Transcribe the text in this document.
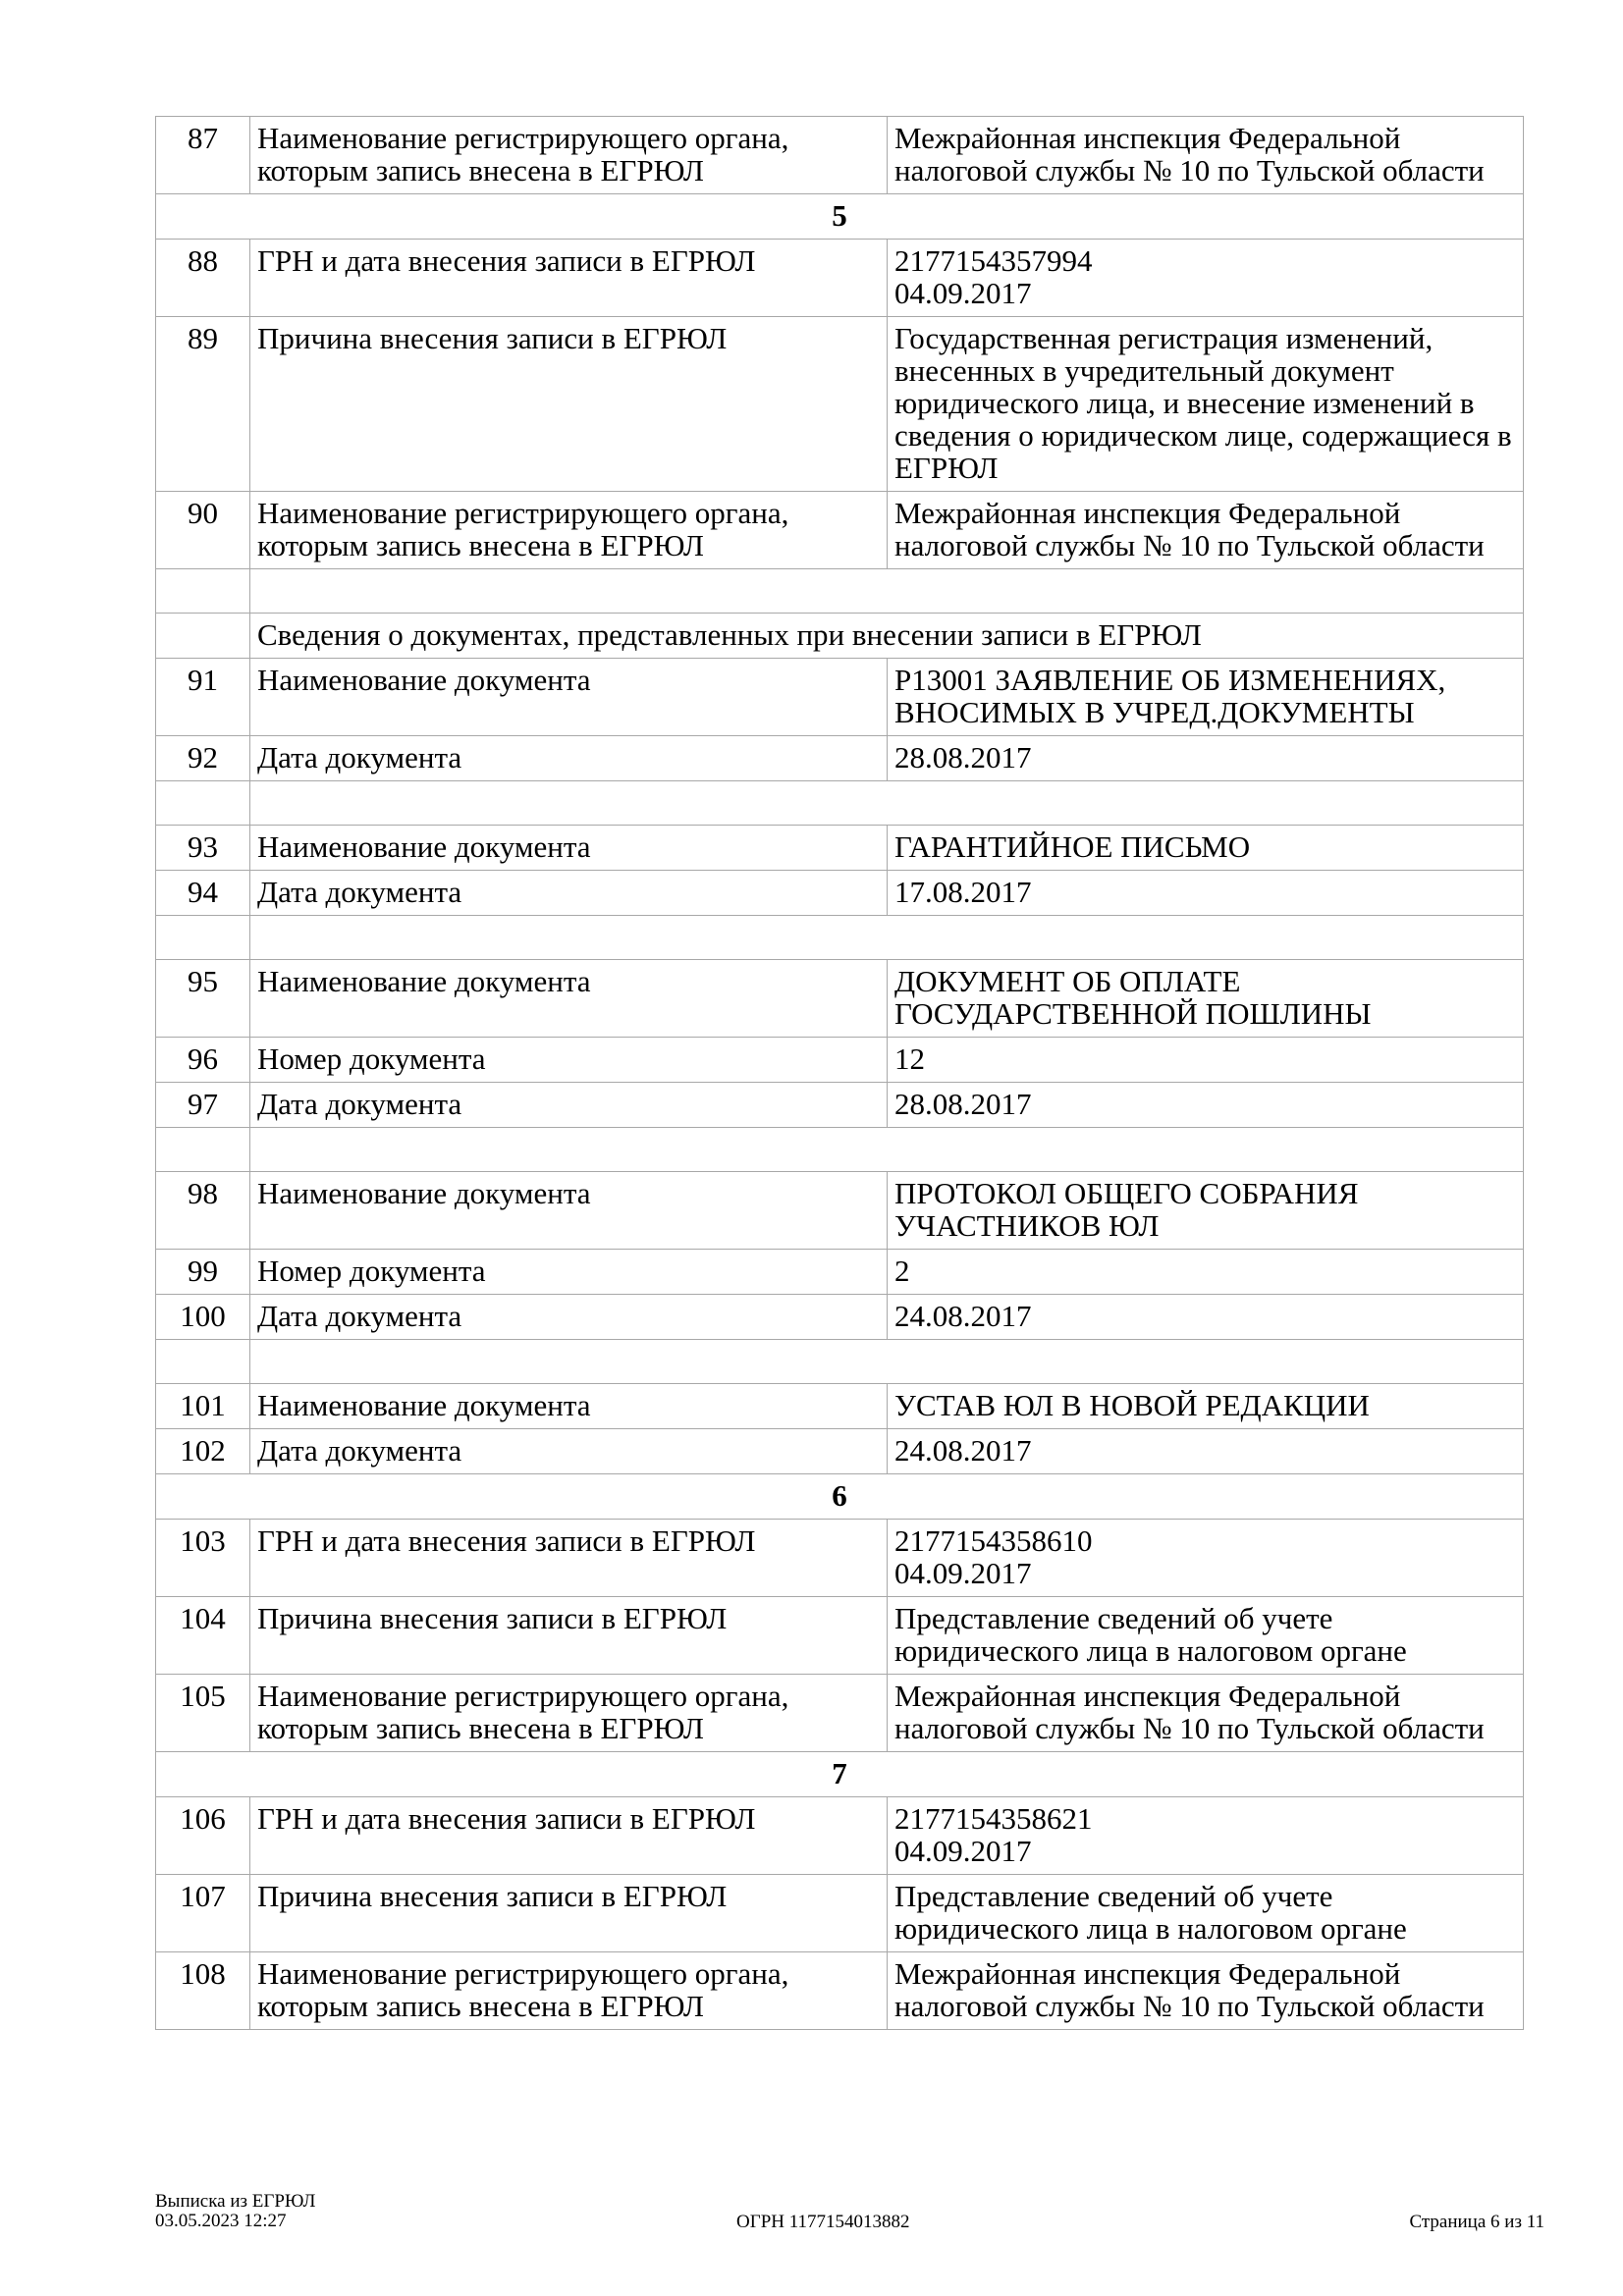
87	Наименование регистрирующего органа, которым запись внесена в ЕГРЮЛ	Межрайонная инспекция Федеральной налоговой службы № 10 по Тульской области
5		
88	ГРН и дата внесения записи в ЕГРЮЛ	2177154357994
04.09.2017
89	Причина внесения записи в ЕГРЮЛ	Государственная регистрация изменений, внесенных в учредительный документ юридического лица, и внесение изменений в сведения о юридическом лице, содержащиеся в ЕГРЮЛ
90	Наименование регистрирующего органа, которым запись внесена в ЕГРЮЛ	Межрайонная инспекция Федеральной налоговой службы № 10 по Тульской области

	Сведения о документах, представленных при внесении записи в ЕГРЮЛ	
91	Наименование документа	Р13001 ЗАЯВЛЕНИЕ ОБ ИЗМЕНЕНИЯХ, ВНОСИМЫХ В УЧРЕД.ДОКУМЕНТЫ
92	Дата документа	28.08.2017

93	Наименование документа	ГАРАНТИЙНОЕ ПИСЬМО
94	Дата документа	17.08.2017

95	Наименование документа	ДОКУМЕНТ ОБ ОПЛАТЕ ГОСУДАРСТВЕННОЙ ПОШЛИНЫ
96	Номер документа	12
97	Дата документа	28.08.2017

98	Наименование документа	ПРОТОКОЛ ОБЩЕГО СОБРАНИЯ УЧАСТНИКОВ ЮЛ
99	Номер документа	2
100	Дата документа	24.08.2017

101	Наименование документа	УСТАВ ЮЛ В НОВОЙ РЕДАКЦИИ
102	Дата документа	24.08.2017
6		
103	ГРН и дата внесения записи в ЕГРЮЛ	2177154358610
04.09.2017
104	Причина внесения записи в ЕГРЮЛ	Представление сведений об учете юридического лица в налоговом органе
105	Наименование регистрирующего органа, которым запись внесена в ЕГРЮЛ	Межрайонная инспекция Федеральной налоговой службы № 10 по Тульской области
7		
106	ГРН и дата внесения записи в ЕГРЮЛ	2177154358621
04.09.2017
107	Причина внесения записи в ЕГРЮЛ	Представление сведений об учете юридического лица в налоговом органе
108	Наименование регистрирующего органа, которым запись внесена в ЕГРЮЛ	Межрайонная инспекция Федеральной налоговой службы № 10 по Тульской области
Выписка из ЕГРЮЛ
03.05.2023 12:27	ОГРН 1177154013882	Страница 6 из 11
